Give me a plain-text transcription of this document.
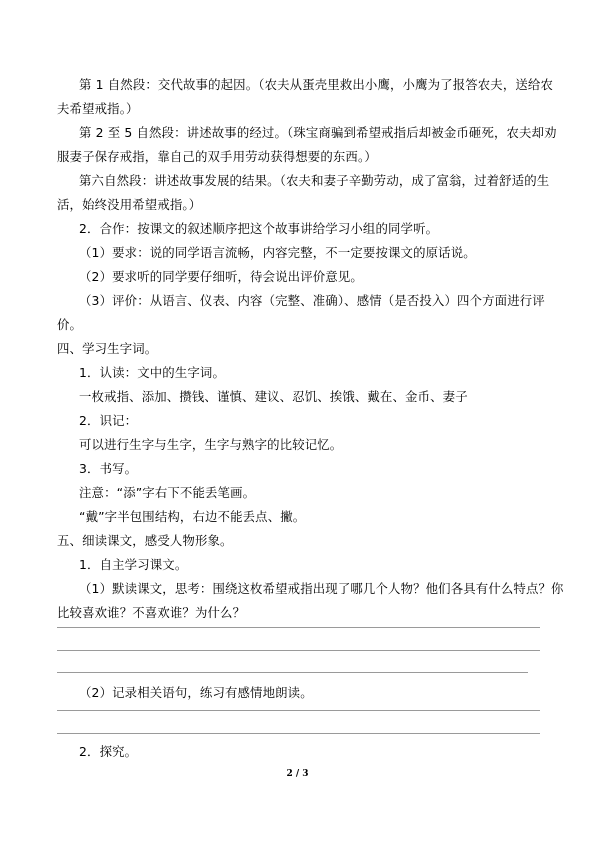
第 1 自然段：交代故事的起因。（农夫从蛋壳里救出小鹰，小鹰为了报答农夫，送给农
夫希望戒指。）
第 2 至 5 自然段：讲述故事的经过。（珠宝商骗到希望戒指后却被金币砸死，农夫却劝
服妻子保存戒指，靠自己的双手用劳动获得想要的东西。）
第六自然段：讲述故事发展的结果。（农夫和妻子辛勤劳动，成了富翁，过着舒适的生
活，始终没用希望戒指。）
2．合作：按课文的叙述顺序把这个故事讲给学习小组的同学听。
（1）要求：说的同学语言流畅，内容完整，不一定要按课文的原话说。
（2）要求听的同学要仔细听，待会说出评价意见。
（3）评价：从语言、仪表、内容（完整、准确）、感情（是否投入）四个方面进行评
价。
四、学习生字词。
1．认读：文中的生字词。
一枚戒指、添加、攒钱、谨慎、建议、忍饥、挨饿、戴在、金币、妻子
2．识记：
可以进行生字与生字，生字与熟字的比较记忆。
3．书写。
注意：“添”字右下不能丢笔画。
“戴”字半包围结构，右边不能丢点、撇。
五、细读课文，感受人物形象。
1．自主学习课文。
（1）默读课文，思考：围绕这枚希望戒指出现了哪几个人物？他们各具有什么特点？你
比较喜欢谁？不喜欢谁？为什么？
（2）记录相关语句，练习有感情地朗读。
2．探究。
2 / 3
